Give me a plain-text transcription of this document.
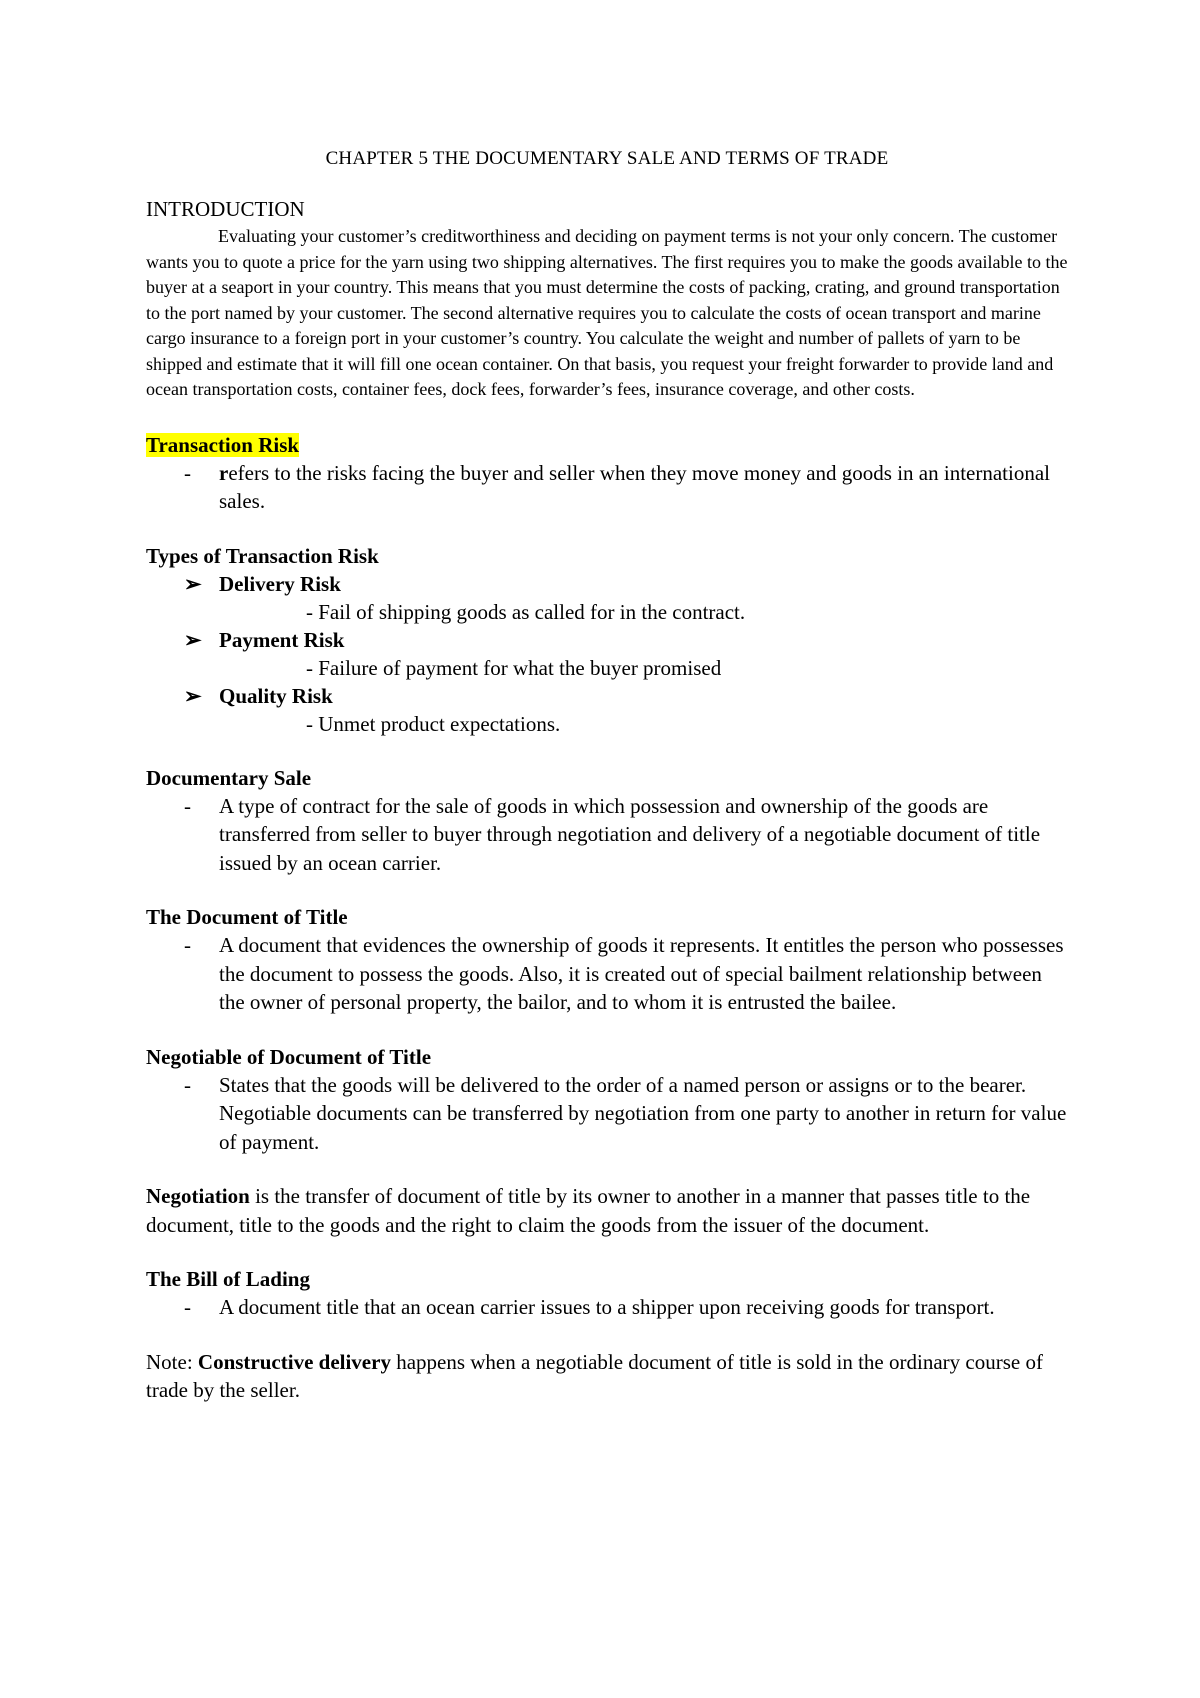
CHAPTER 5 THE DOCUMENTARY SALE AND TERMS OF TRADE
INTRODUCTION

Evaluating your customer’s creditworthiness and deciding on payment terms is not your only concern. The customer wants you to quote a price for the yarn using two shipping alternatives. The first requires you to make the goods available to the buyer at a seaport in your country. This means that you must determine the costs of packing, crating, and ground transportation to the port named by your customer. The second alternative requires you to calculate the costs of ocean transport and marine cargo insurance to a foreign port in your customer’s country. You calculate the weight and number of pallets of yarn to be shipped and estimate that it will fill one ocean container. On that basis, you request your freight forwarder to provide land and ocean transportation costs, container fees, dock fees, forwarder’s fees, insurance coverage, and other costs.

Transaction Risk
-	refers to the risks facing the buyer and seller when they move money and goods in an international sales.
Types of Transaction Risk
➢ Delivery Risk
- Fail of shipping goods as called for in the contract.
➢ Payment Risk
- Failure of payment for what the buyer promised
➢ Quality Risk
- Unmet product expectations.
Documentary Sale
-	A type of contract for the sale of goods in which possession and ownership of the goods are transferred from seller to buyer through negotiation and delivery of a negotiable document of title issued by an ocean carrier.
The Document of Title
-	A document that evidences the ownership of goods it represents. It entitles the person who possesses the document to possess the goods. Also, it is created out of special bailment relationship between the owner of personal property, the bailor, and to whom it is entrusted the bailee.
Negotiable of Document of Title
-	States that the goods will be delivered to the order of a named person or assigns or to the bearer. Negotiable documents can be transferred by negotiation from one party to another in return for value of payment.

Negotiation is the transfer of document of title by its owner to another in a manner that passes title to the document, title to the goods and the right to claim the goods from the issuer of the document.

The Bill of Lading
-	A document title that an ocean carrier issues to a shipper upon receiving goods for transport.

Note: Constructive delivery happens when a negotiable document of title is sold in the ordinary course of trade by the seller.
